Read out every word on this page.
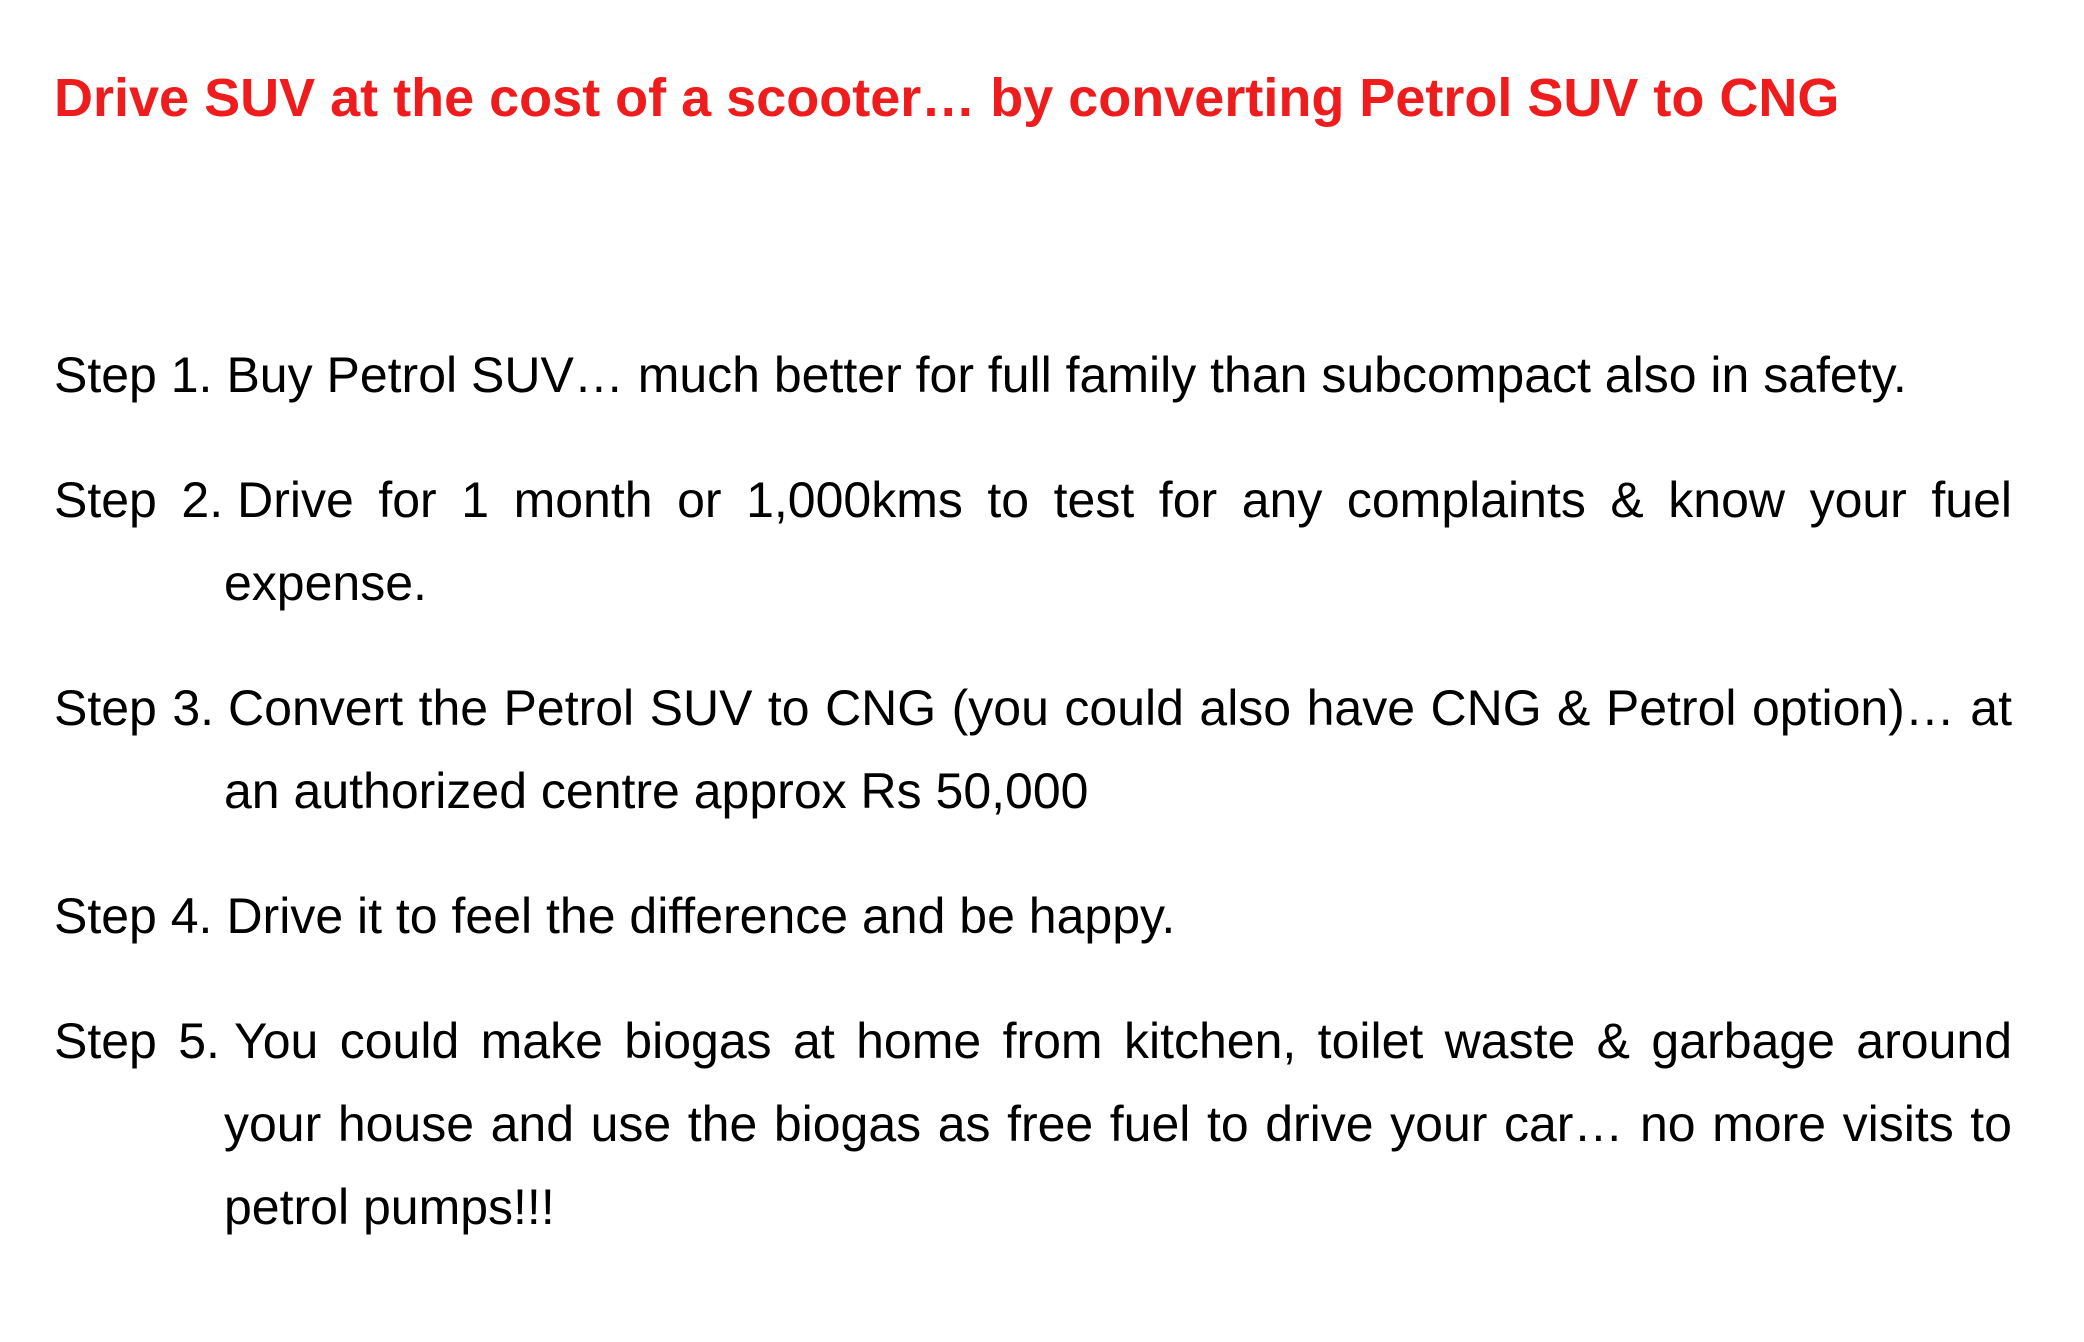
Drive SUV at the cost of a scooter… by converting Petrol SUV to CNG
Step 1. Buy Petrol SUV… much better for full family than subcompact also in safety.
Step 2. Drive for 1 month or 1,000kms to test for any complaints & know your fuel expense.
Step 3. Convert the Petrol SUV to CNG (you could also have CNG & Petrol option)… at an authorized centre approx Rs 50,000
Step 4. Drive it to feel the difference and be happy.
Step 5. You could make biogas at home from kitchen, toilet waste & garbage around your house and use the biogas as free fuel to drive your car… no more visits to petrol pumps!!!
